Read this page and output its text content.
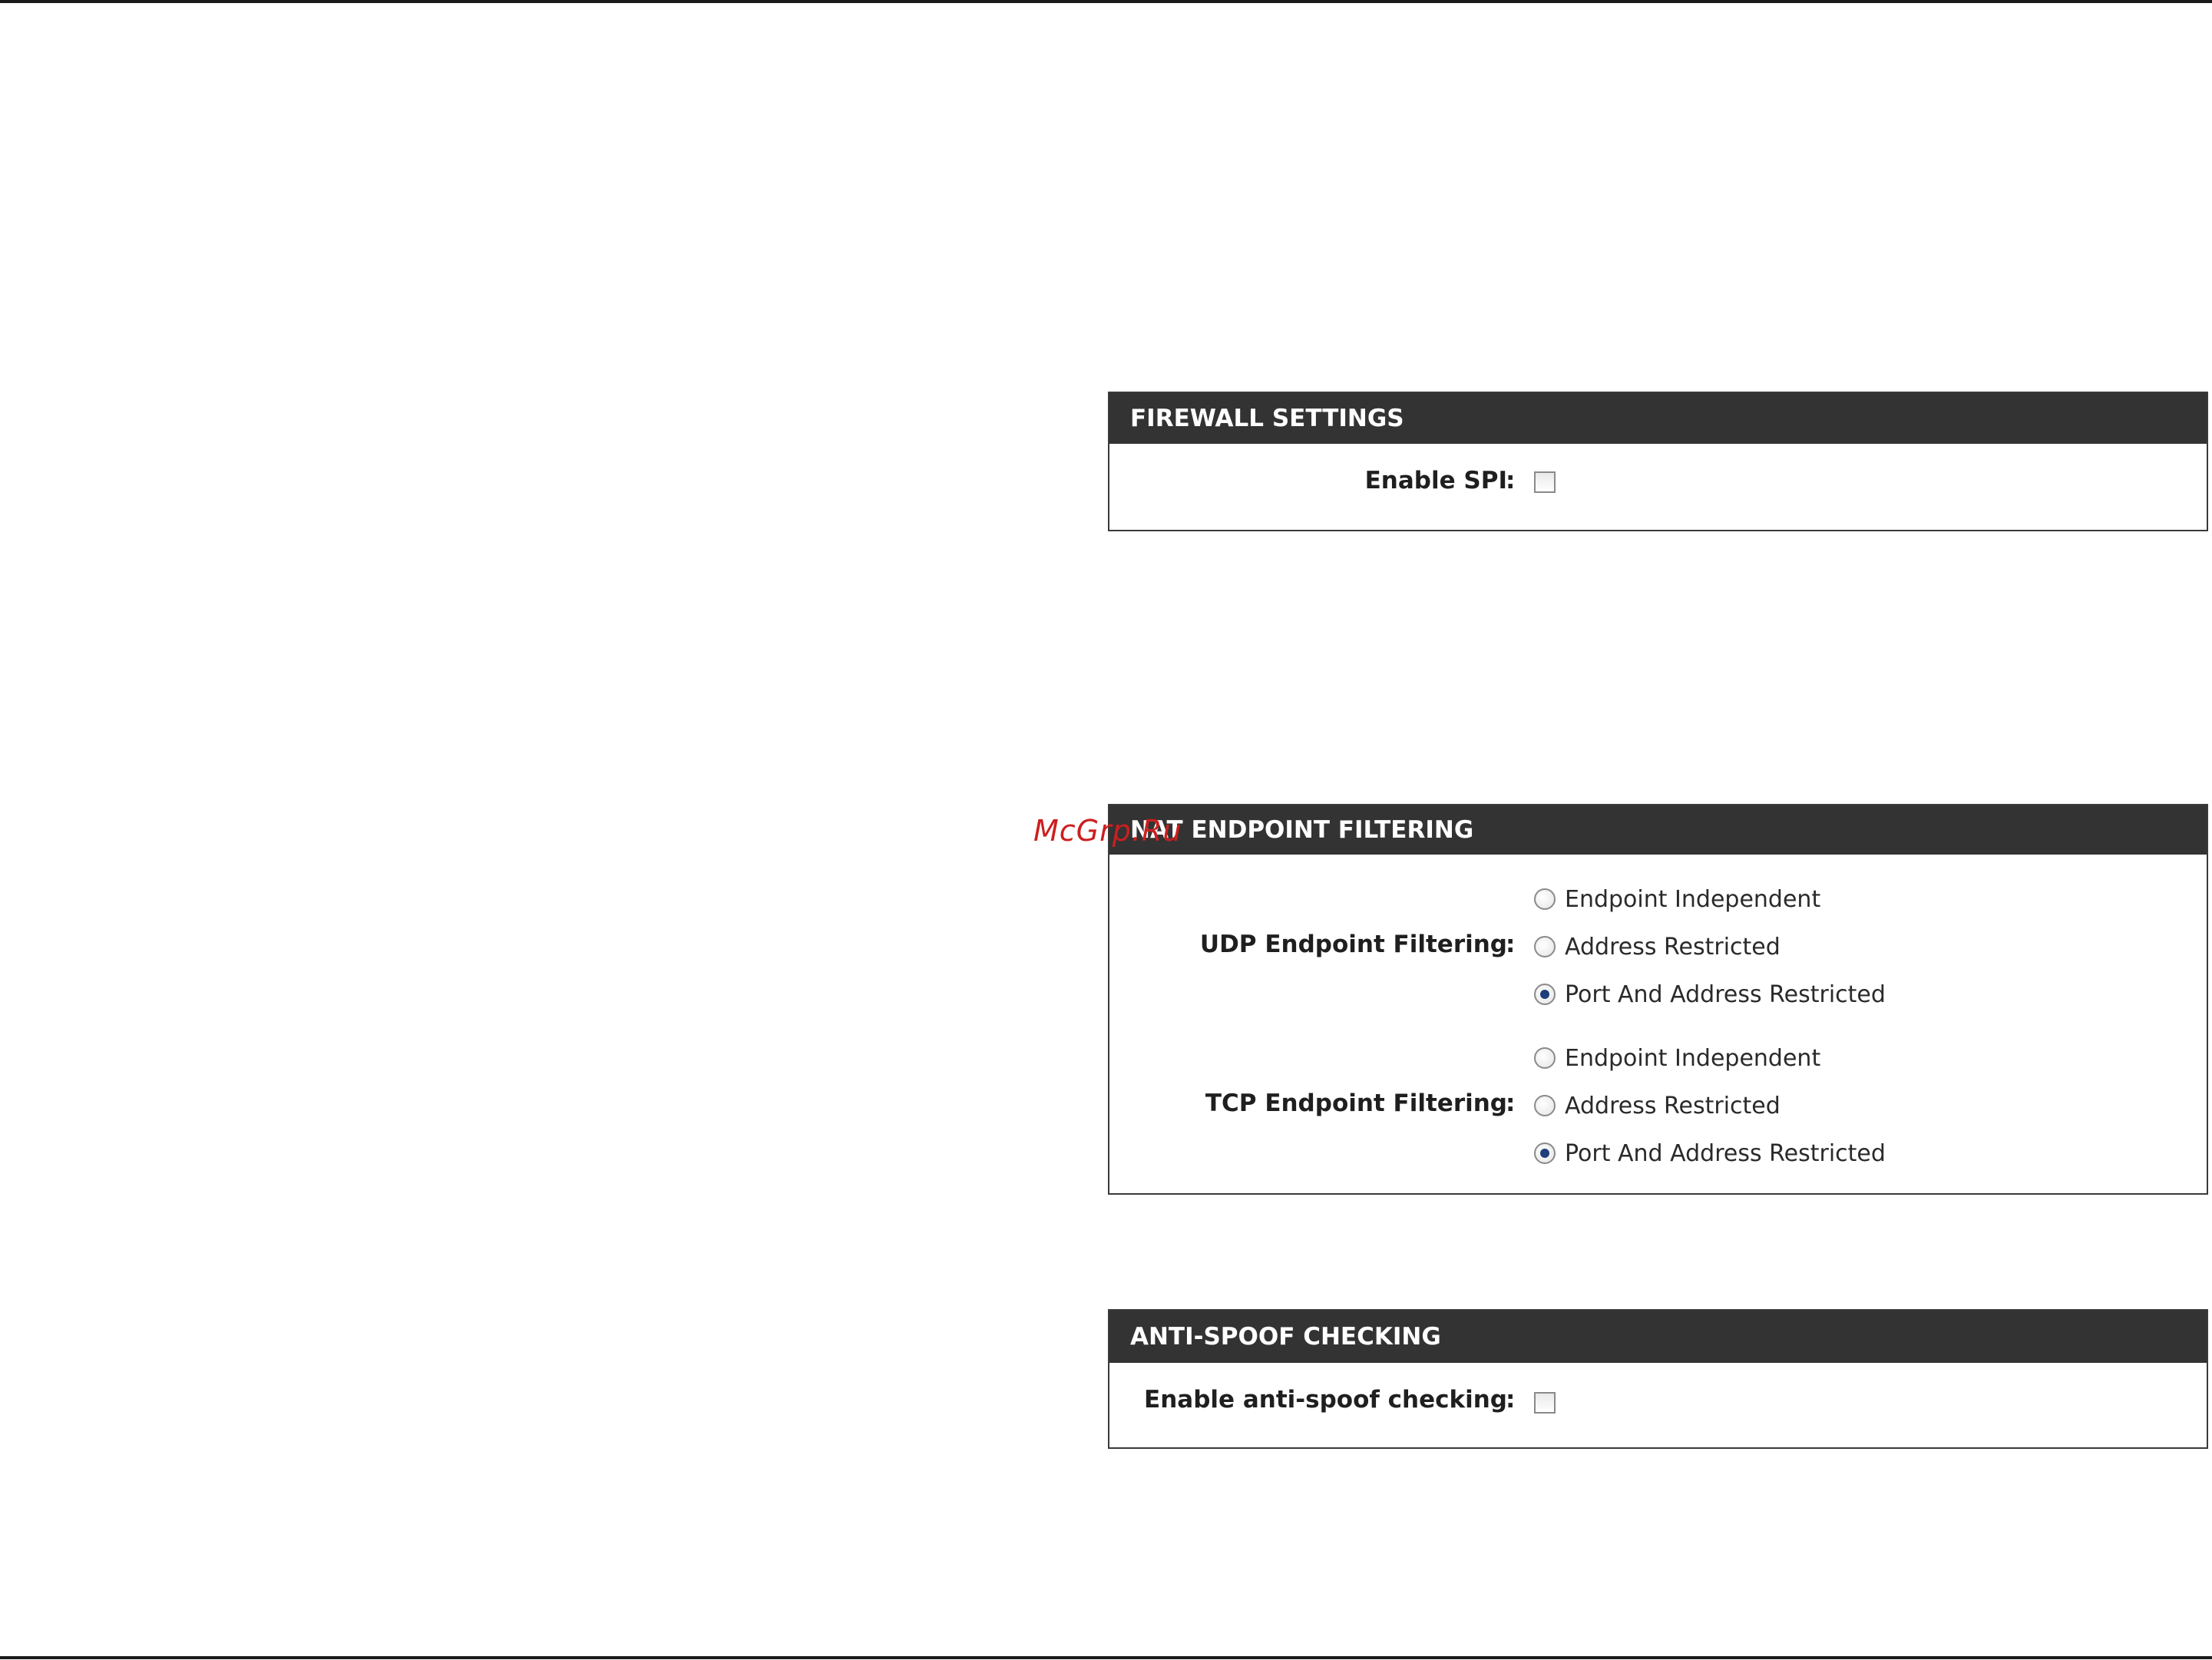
FIREWALL SETTINGS
Enable SPI
:
NAT ENDPOINT FILTERING
UDP Endpoint Filtering
:
Endpoint Independent
Address Restricted
Port And Address Restricted
TCP Endpoint Filtering
:
Endpoint Independent
Address Restricted
Port And Address Restricted
ANTI-SPOOF CHECKING
Enable anti-spoof checking
:
McGrp.Ru
